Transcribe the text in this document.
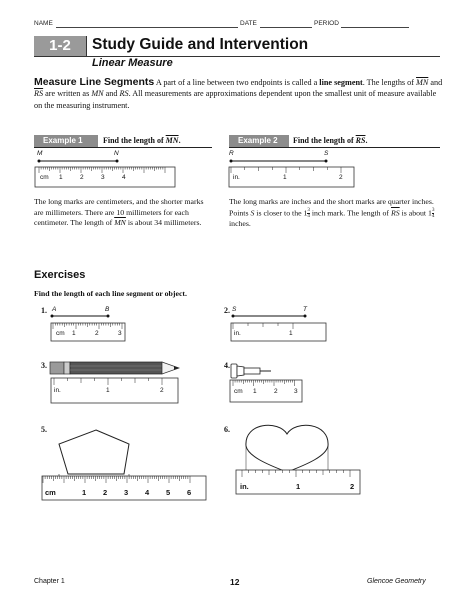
NAME	DATE	PERIOD
1-2	Study Guide and Intervention
Linear Measure
Measure Line Segments A part of a line between two endpoints is called a line segment. The lengths of $\overline{MN}$ and $\overline{RS}$ are written as MN and RS. All measurements are approximations dependent upon the smallest unit of measure available on the measuring instrument.
Example 1	Find the length of $\overline{MN}$.
M	N
cm 1	2	3	4
The long marks are centimeters, and the shorter marks are millimeters. There are 10 millimeters for each centimeter. The length of $\overline{MN}$ is about 34 millimeters.
Example 2	Find the length of $\overline{RS}$.
R	S
in.	1	2
The long marks are inches and the short marks are quarter inches. Points S is closer to the $1 \frac{3}{4}$ inch mark. The length of $\overline{RS}$ is about $1 \frac{3}{4}$
inches.
Exercises
Find the length of each line segment or object.
1. A	B
cm 1	2	3
2. S	T
in.	1
3.
in.	1	2
4.
cm 1	2	3
5.
cm	1 2 3 4 5 6
6.
in.	1	2
Chapter 1	12	Glencoe Geometry
